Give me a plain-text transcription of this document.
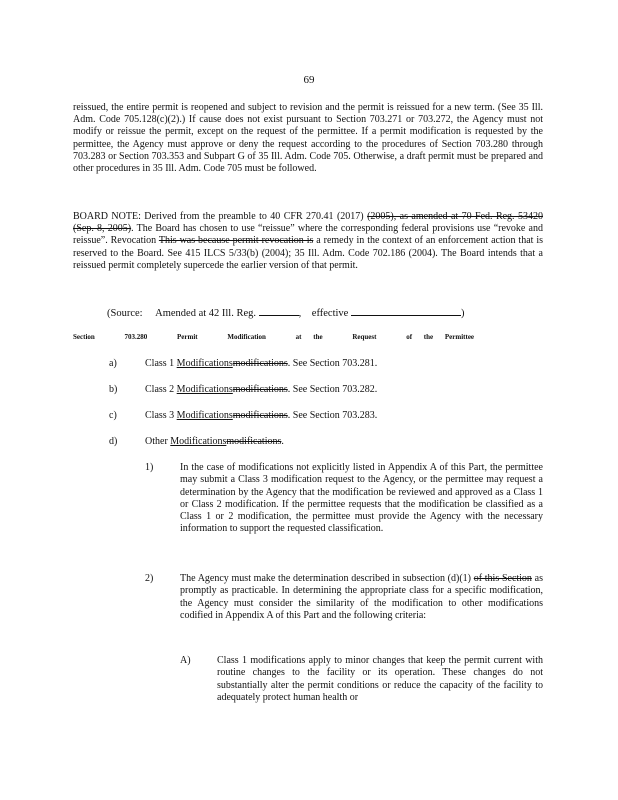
69
reissued, the entire permit is reopened and subject to revision and the permit is reissued for a new term. (See 35 Ill. Adm. Code 705.128(c)(2).) If cause does not exist pursuant to Section 703.271 or 703.272, the Agency must not modify or reissue the permit, except on the request of the permittee. If a permit modification is requested by the permittee, the Agency must approve or deny the request according to the procedures of Section 703.280 through 703.283 or Section 703.353 and Subpart G of 35 Ill. Adm. Code 705. Otherwise, a draft permit must be prepared and other procedures in 35 Ill. Adm. Code 705 must be followed.
BOARD NOTE: Derived from the preamble to 40 CFR 270.41 (2017) (2005), as amended at 70 Fed. Reg. 53420 (Sep. 8, 2005). The Board has chosen to use “reissue” where the corresponding federal provisions use “revoke and reissue”. Revocation This was because permit revocation is a remedy in the context of an enforcement action that is reserved to the Board. See 415 ILCS 5/33(b) (2004); 35 Ill. Adm. Code 702.186 (2004). The Board intends that a reissued permit completely supercede the earlier version of that permit.
(Source: Amended at 42 Ill. Reg.	, effective	)
Section	703.280	Permit	Modification	at the	Request	of the Permittee
a)	Class 1 Modificationsmodifications. See Section 703.281.
b)	Class 2 Modificationsmodifications. See Section 703.282.
c)	Class 3 Modificationsmodifications. See Section 703.283.
d)	Other Modificationsmodifications.
1)	In the case of modifications not explicitly listed in Appendix A of this Part, the permittee may submit a Class 3 modification request to the Agency, or the permittee may request a determination by the Agency that the modification be reviewed and approved as a Class 1 or Class 2 modification. If the permittee requests that the modification be classified as a Class 1 or 2 modification, the permittee must provide the Agency with the necessary information to support the requested classification.
2)	The Agency must make the determination described in subsection (d)(1) of this Section as promptly as practicable. In determining the appropriate class for a specific modification, the Agency must consider the similarity of the modification to other modifications codified in Appendix A of this Part and the following criteria:
A)	Class 1 modifications apply to minor changes that keep the permit current with routine changes to the facility or its operation. These changes do not substantially alter the permit conditions or reduce the capacity of the facility to adequately protect human health or
